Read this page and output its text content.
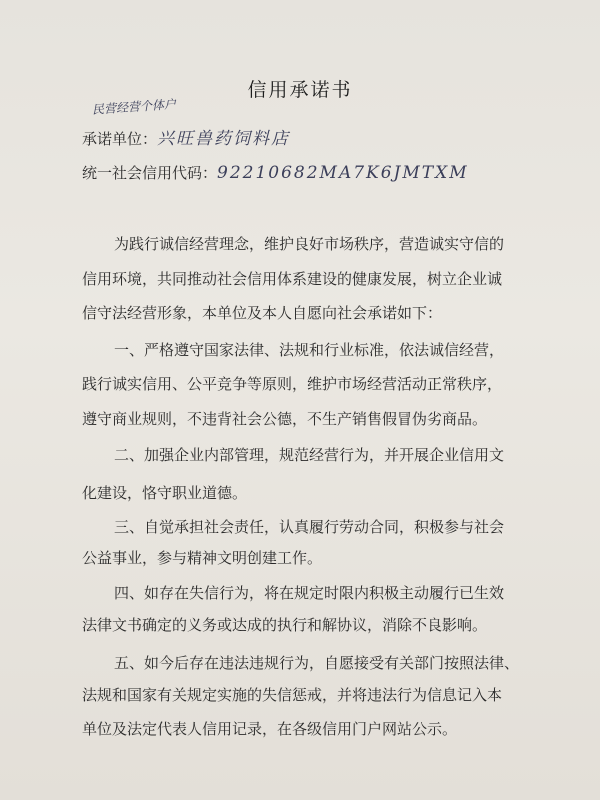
信用承诺书
民营经营个体户
承诺单位：兴旺兽药饲料店
统一社会信用代码：92210682MA7K6JMTXM
为践行诚信经营理念，维护良好市场秩序，营造诚实守信的
信用环境，共同推动社会信用体系建设的健康发展，树立企业诚
信守法经营形象，本单位及本人自愿向社会承诺如下：
一、严格遵守国家法律、法规和行业标准，依法诚信经营，
践行诚实信用、公平竞争等原则，维护市场经营活动正常秩序，
遵守商业规则，不违背社会公德，不生产销售假冒伪劣商品。
二、加强企业内部管理，规范经营行为，并开展企业信用文
化建设，恪守职业道德。
三、自觉承担社会责任，认真履行劳动合同，积极参与社会
公益事业，参与精神文明创建工作。
四、如存在失信行为，将在规定时限内积极主动履行已生效
法律文书确定的义务或达成的执行和解协议，消除不良影响。
五、如今后存在违法违规行为，自愿接受有关部门按照法律、
法规和国家有关规定实施的失信惩戒，并将违法行为信息记入本
单位及法定代表人信用记录，在各级信用门户网站公示。
